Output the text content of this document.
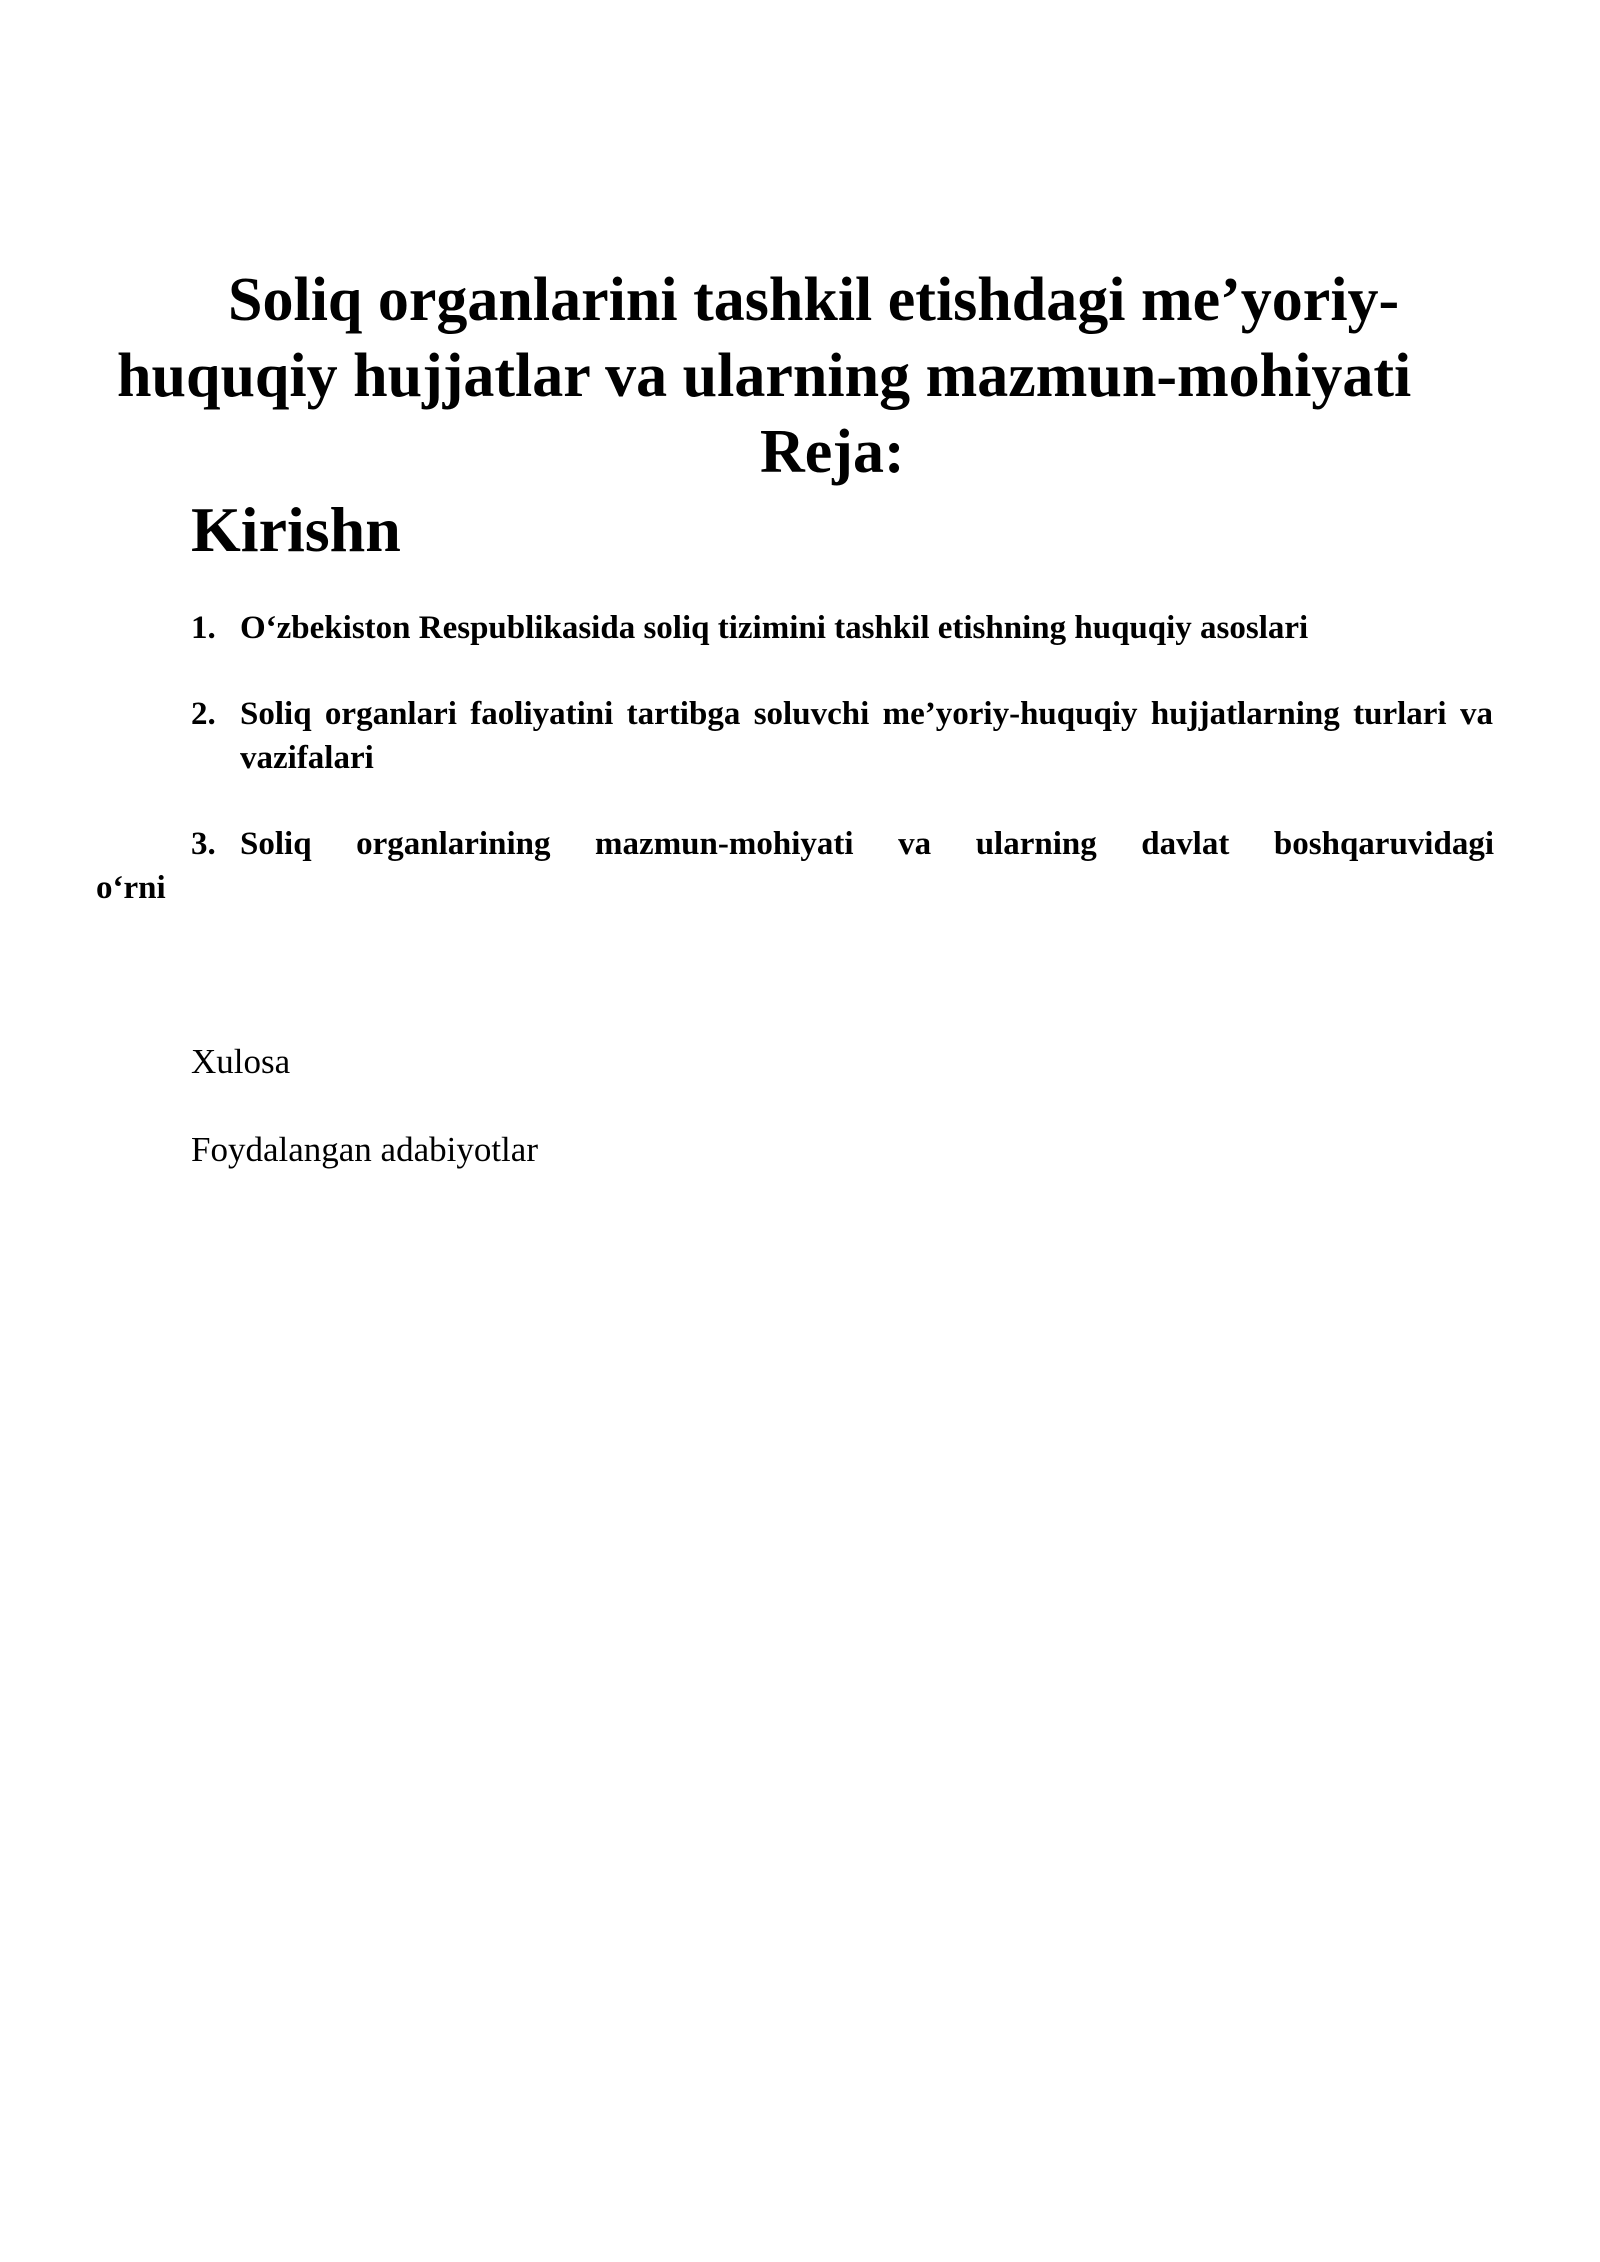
Soliq organlarini tashkil etishdagi me’yoriy-
huquqiy hujjatlar va ularning mazmun-mohiyati
Reja:
Kirishn
1. O‘zbekiston Respublikasida soliq tizimini tashkil etishning huquqiy asoslari
2. Soliq organlari faoliyatini tartibga soluvchi me’yoriy-huquqiy hujjatlarning turlari va vazifalari
3. Soliq organlarining mazmun-mohiyati va ularning davlat boshqaruvidagi
o‘rni
Xulosa
Foydalangan adabiyotlar
